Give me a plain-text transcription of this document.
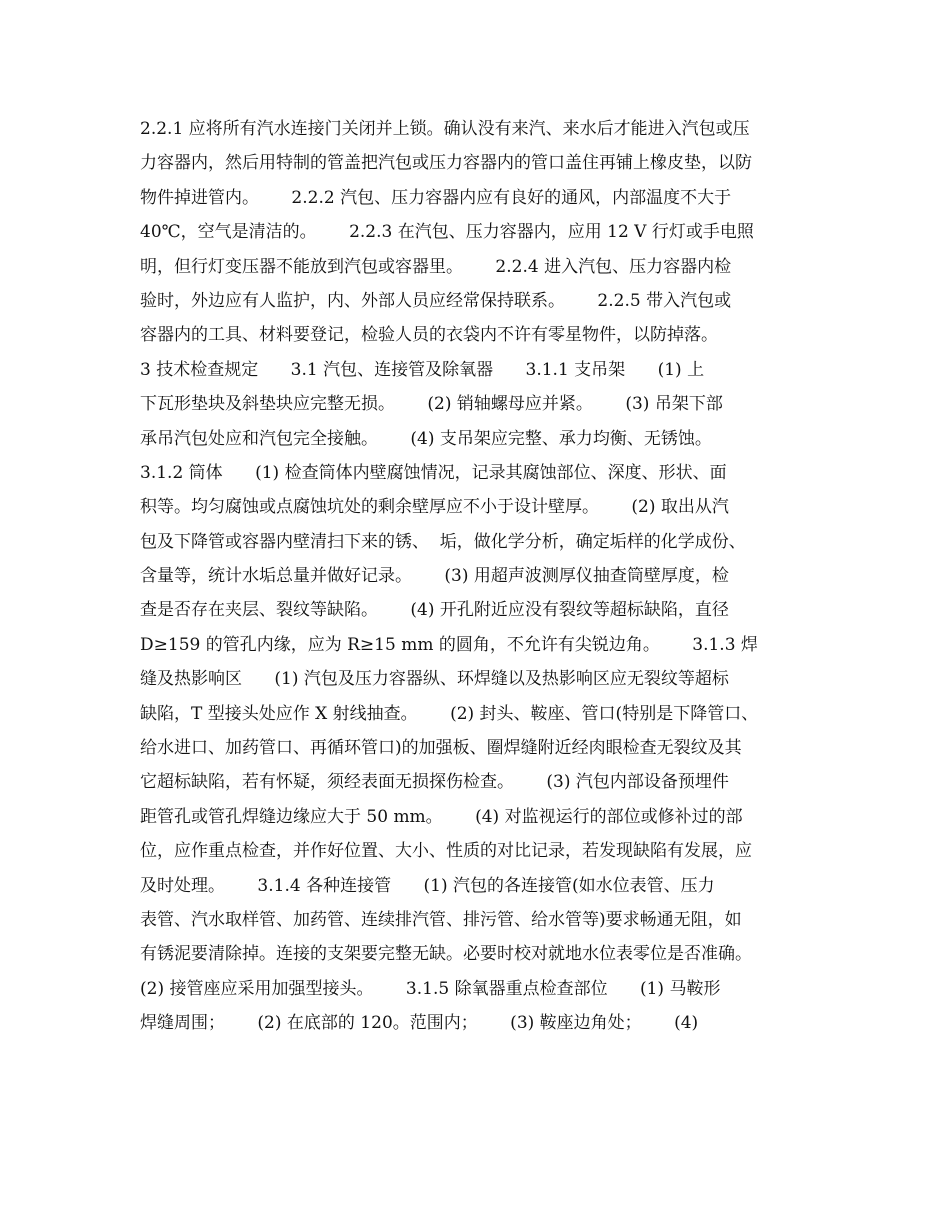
2.2.1 应将所有汽水连接门关闭并上锁。确认没有来汽、来水后才能进入汽包或压
力容器内，然后用特制的管盖把汽包或压力容器内的管口盖住再铺上橡皮垫，以防
物件掉进管内。      2.2.2 汽包、压力容器内应有良好的通风，内部温度不大于
40℃，空气是清洁的。      2.2.3 在汽包、压力容器内，应用 12 V 行灯或手电照
明，但行灯变压器不能放到汽包或容器里。      2.2.4 进入汽包、压力容器内检
验时，外边应有人监护，内、外部人员应经常保持联系。      2.2.5 带入汽包或
容器内的工具、材料要登记，检验人员的衣袋内不许有零星物件，以防掉落。
3 技术检查规定      3.1 汽包、连接管及除氧器      3.1.1 支吊架      (1) 上
下瓦形垫块及斜垫块应完整无损。      (2) 销轴螺母应并紧。      (3) 吊架下部
承吊汽包处应和汽包完全接触。      (4) 支吊架应完整、承力均衡、无锈蚀。
3.1.2 筒体      (1) 检查筒体内壁腐蚀情况，记录其腐蚀部位、深度、形状、面
积等。均匀腐蚀或点腐蚀坑处的剩余壁厚应不小于设计壁厚。      (2) 取出从汽
包及下降管或容器内壁清扫下来的锈、  垢，做化学分析，确定垢样的化学成份、
含量等，统计水垢总量并做好记录。      (3) 用超声波测厚仪抽查筒壁厚度，检
查是否存在夹层、裂纹等缺陷。      (4) 开孔附近应没有裂纹等超标缺陷，直径
D≥159 的管孔内缘，应为 R≥15 mm 的圆角，不允许有尖锐边角。      3.1.3 焊
缝及热影响区      (1) 汽包及压力容器纵、环焊缝以及热影响区应无裂纹等超标
缺陷，T 型接头处应作 X 射线抽查。      (2) 封头、鞍座、管口(特别是下降管口、
给水进口、加药管口、再循环管口)的加强板、圈焊缝附近经肉眼检查无裂纹及其
它超标缺陷，若有怀疑，须经表面无损探伤检查。      (3) 汽包内部设备预埋件
距管孔或管孔焊缝边缘应大于 50 mm。      (4) 对监视运行的部位或修补过的部
位，应作重点检查，并作好位置、大小、性质的对比记录，若发现缺陷有发展，应
及时处理。      3.1.4 各种连接管      (1) 汽包的各连接管(如水位表管、压力
表管、汽水取样管、加药管、连续排汽管、排污管、给水管等)要求畅通无阻，如
有锈泥要清除掉。连接的支架要完整无缺。必要时校对就地水位表零位是否准确。
(2) 接管座应采用加强型接头。      3.1.5 除氧器重点检查部位      (1) 马鞍形
焊缝周围；      (2) 在底部的 120。范围内；      (3) 鞍座边角处；      (4)
